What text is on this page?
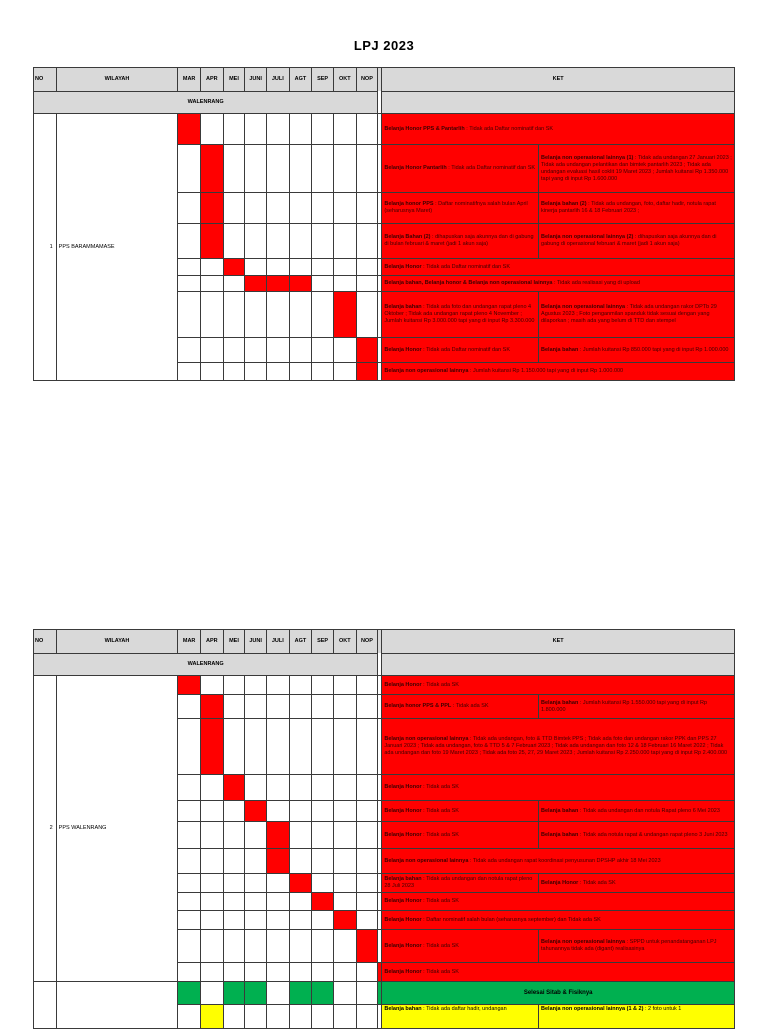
LPJ 2023
NO	WILAYAH	MAR	APR	MEI	JUNI	JULI	AGT	SEP	OKT	NOP		KET	
WALENRANG													
1	PPS BARAMMAMASE											Belanja Honor PPS & Pantarlih : Tidak ada Daftar nominatif dan SK	
												Belanja Honor Pantarlih : Tidak ada Daftar nominatif dan SK	Belanja non operasional lainnya (1) : Tidak ada undangan 27 Januari 2023 ; Tidak ada undangan pelantikan dan bimtek pantarlih 2023 ; Tidak ada undangan evaluasi hasil coklit 19 Maret 2023 ; Jumlah kuitansi Rp 1.350.000 tapi yang di input Rp 1.600.000
												Belanja honor PPS : Daftar nominatifnya salah bulan April (seharusnya Maret)	Belanja bahan (2) : Tidak ada undangan, foto, daftar hadir, notula rapat kinerja pantarlih 16 & 18 Februari 2023 ;
												Belanja Bahan (2) : dihapuskan saja akunnya dan di gabung di bulan februari & maret (jadi 1 akun saja)	Belanja non operasional lainnya (2) : dihapuskan saja akunnya dan di gabung di operasional februari & maret (jadi 1 akun saja)
												Belanja Honor : Tidak ada Daftar nominatif dan SK	
												Belanja bahan, Belanja honor & Belanja non operasional lainnya : Tidak ada realisasi yang di upload	
												Belanja bahan : Tidak ada foto dan undangan rapat pleno 4 Oktober ; Tidak ada undangan rapat pleno 4 November ; Jumlah kuitansi Rp 3.000.000 tapi yang di input Rp 3.300.000	Belanja non operasional lainnya : Tidak ada undangan rakor DPTb 29 Agustus 2023 ; Foto penganmilan spanduk tidak sesuai dengan yang dilaporkan ; masih ada yang belum di TTD dan stempel
												Belanja Honor : Tidak ada Daftar nominatif dan SK	Belanja bahan : Jumlah kuitansi Rp 850.000 tapi yang di input Rp 1.000.000
												Belanja non operasional lainnya : Jumlah kuitansi Rp 1.150.000 tapi yang di input Rp 1.000.000	
NO	WILAYAH	MAR	APR	MEI	JUNI	JULI	AGT	SEP	OKT	NOP		KET	
WALENRANG													
2	PPS WALENRANG											Belanja Honor : Tidak ada SK	
												Belanja honor PPS & PPL : Tidak ada SK	Belanja bahan : Jumlah kuitansi Rp 1.550.000 tapi yang di input Rp 1.800.000
												Belanja non operasional lainnya : Tidak ada undangan, foto & TTD Bimtek PPS ; Tidak ada foto dan undangan rakor PPK dan PPS 27 Januari 2023 ; Tidak ada undangan, foto & TTD 5 & 7 Februari 2023 ; Tidak ada undangan dan foto 12 & 18 Februari 16 Maret 2022 ; Tidak ada undangan dan foto 19 Maret 2023 ; Tidak ada foto 25, 27, 29 Maret 2023 ; Jumlah kuitansi Rp 2.250.000 tapi yang di input Rp 2.400.000	
												Belanja Honor : Tidak ada SK	
												Belanja Honor : Tidak ada SK	Belanja bahan : Tidak ada undangan dan notula Rapat pleno 6 Mei 2023
												Belanja Honor : Tidak ada SK	Belanja bahan : Tidak ada notula rapat & undangan rapat pleno 3 Juni 2023
												Belanja non operasional lainnya : Tidak ada undangan rapat koordinasi penyusunan DPSHP akhir 18 Mei 2023	
												Belanja bahan : Tidak ada undangan dan notula rapat pleno 28 Juli 2023	Belanja Honor : Tidak ada SK
												Belanja Honor : Tidak ada SK	
												Belanja Honor : Daftar nominatif salah bulan (seharusnya september) dan Tidak ada SK	
												Belanja Honor : Tidak ada SK	Belanja non operasional lainnya : SPPD untuk penandatanganan LPJ tahunannya tidak ada (digant) realisasinya
												Belanja Honor : Tidak ada SK	
												Selesai Sitab & Fisiknya	
												Belanja bahan : Tidak ada daftar hadir, undangan	Belanja non operasional lainnya (1 & 2) : 2 foto untuk 1
